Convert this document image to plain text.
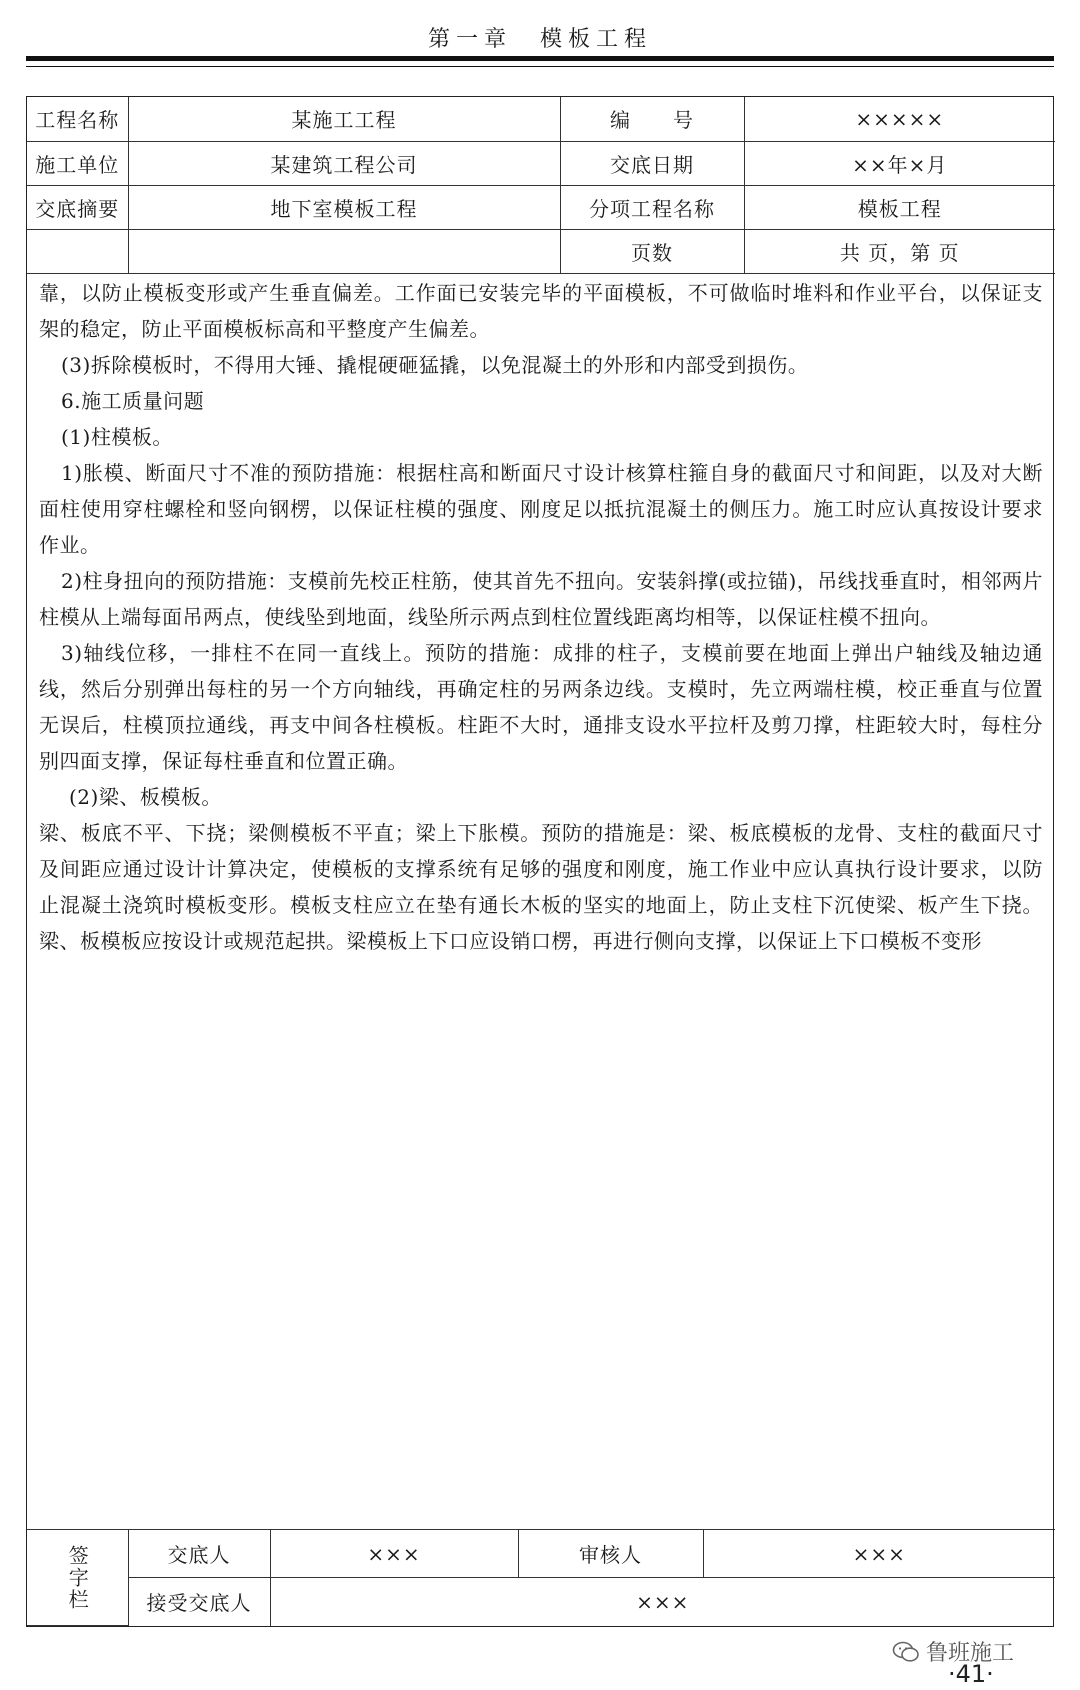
第一章　模板工程
工程名称	某施工工程	编　　号	×××××
施工单位	某建筑工程公司	交底日期	××年×月
交底摘要	地下室模板工程	分项工程名称	模板工程
		页数	共 页，第 页

靠，以防止模板变形或产生垂直偏差。工作面已安装完毕的平面模板，不可做临时堆料和作业平台，以保证支架的稳定，防止平面模板标高和平整度产生偏差。

(3)拆除模板时，不得用大锤、撬棍硬砸猛撬，以免混凝土的外形和内部受到损伤。

6.施工质量问题

(1)柱模板。

1)胀模、断面尺寸不准的预防措施：根据柱高和断面尺寸设计核算柱箍自身的截面尺寸和间距，以及对大断面柱使用穿柱螺栓和竖向钢楞，以保证柱模的强度、刚度足以抵抗混凝土的侧压力。施工时应认真按设计要求作业。

2)柱身扭向的预防措施：支模前先校正柱筋，使其首先不扭向。安装斜撑(或拉锚)，吊线找垂直时，相邻两片柱模从上端每面吊两点，使线坠到地面，线坠所示两点到柱位置线距离均相等，以保证柱模不扭向。

3)轴线位移，一排柱不在同一直线上。预防的措施：成排的柱子，支模前要在地面上弹出户轴线及轴边通线，然后分别弹出每柱的另一个方向轴线，再确定柱的另两条边线。支模时，先立两端柱模，校正垂直与位置无误后，柱模顶拉通线，再支中间各柱模板。柱距不大时，通排支设水平拉杆及剪刀撑，柱距较大时，每柱分别四面支撑，保证每柱垂直和位置正确。

(2)梁、板模板。

梁、板底不平、下挠；梁侧模板不平直；梁上下胀模。预防的措施是：梁、板底模板的龙骨、支柱的截面尺寸及间距应通过设计计算决定，使模板的支撑系统有足够的强度和刚度，施工作业中应认真执行设计要求，以防止混凝土浇筑时模板变形。模板支柱应立在垫有通长木板的坚实的地面上，防止支柱下沉使梁、板产生下挠。梁、板模板应按设计或规范起拱。梁模板上下口应设销口楞，再进行侧向支撑，以保证上下口模板不变形

签字栏	交底人	×××	审核人	×××
	接受交底人	×××		
鲁班施工
·41·
